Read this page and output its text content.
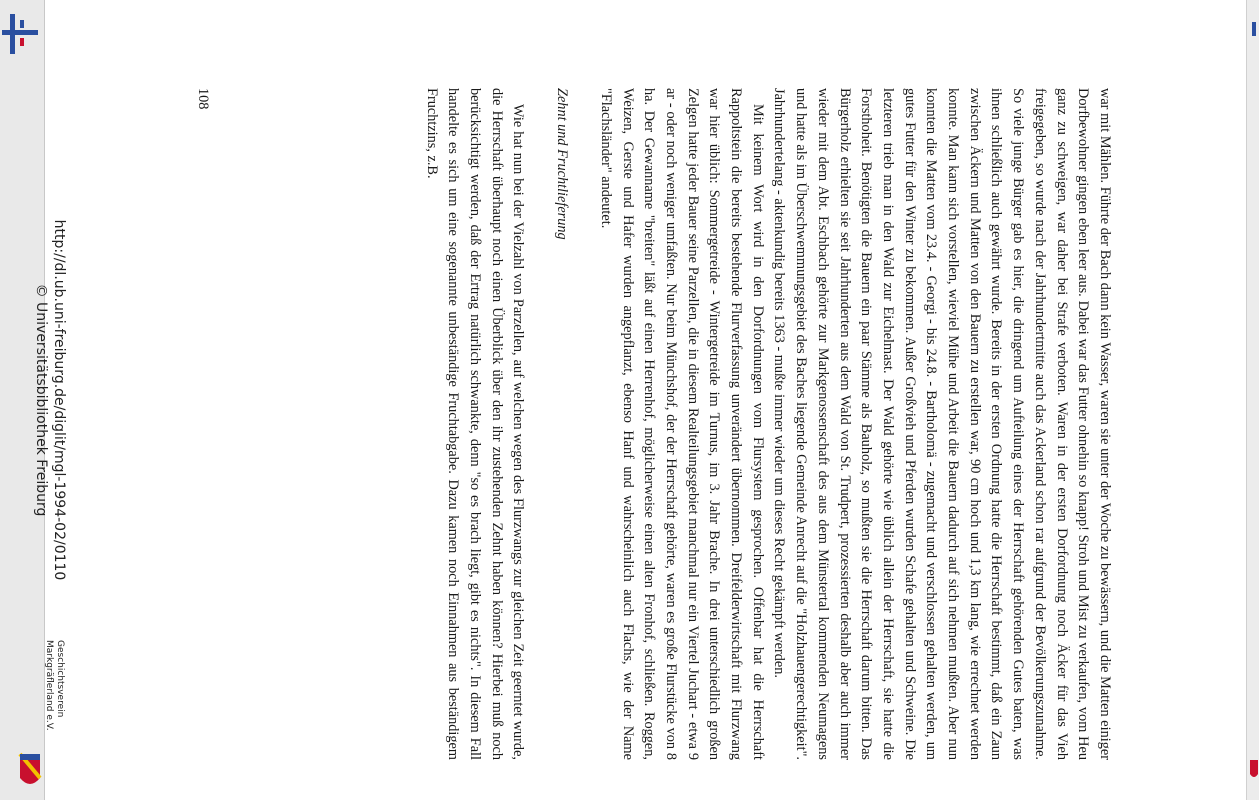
war mit Mählen. Führte der Bach dann kein Wasser, waren sie unter der Woche zu bewässern, und die Matten einiger Dorfbewohner gingen eben leer aus. Dabei war das Futter ohnehin so knapp! Stroh und Mist zu verkaufen, vom Heu ganz zu schweigen, war daher bei Strafe verboten. Waren in der ersten Dorfordnung noch Äcker für das Vieh freigegeben, so wurde nach der Jahrhundertmitte auch das Ackerland schon rar aufgrund der Bevölkerungszunahme. So viele junge Bürger gab es hier, die dringend um Aufteilung eines der Herrschaft gehörenden Gutes baten, was ihnen schließlich auch gewährt wurde. Bereits in der ersten Ordnung hatte die Herrschaft bestimmt, daß ein Zaun zwischen Äckern und Matten von den Bauern zu erstellen war, 90 cm hoch und 1,3 km lang, wie errechnet werden konnte. Man kann sich vorstellen, wieviel Mühe und Arbeit die Bauern dadurch auf sich nehmen mußten. Aber nun konnten die Matten vom 23.4. - Georgi - bis 24.8. - Bartholomä - zugemacht und verschlossen gehalten werden, um gutes Futter für den Winter zu bekommen. Außer Großvieh und Pferden wurden Schafe gehalten und Schweine. Die letzteren trieb man in den Wald zur Eichelmast. Der Wald gehörte wie üblich allein der Herrschaft, sie hatte die Forsthoheit. Benötigten die Bauern ein paar Stämme als Bauholz, so mußten sie die Herrschaft darum bitten. Das Bürgerholz erhielten sie seit Jahrhunderten aus dem Wald von St. Trudpert, prozessierten deshalb aber auch immer wieder mit dem Abt. Eschbach gehörte zur Markgenossenschaft des aus dem Münstertal kommenden Neumagens und hatte als im Überschwemmungsgebiet des Baches liegende Gemeinde Anrecht auf die "Holzhauengerechtigkeit". Jahrhundertelang - aktenkundig bereits 1363 - mußte immer wieder um dieses Recht gekämpft werden.

Mit keinem Wort wird in den Dorfordnungen vom Flursystem gesprochen. Offenbar hat die Herrschaft Rappoltstein die bereits bestehende Flurverfassung unverändert übernommen. Dreifelderwirtschaft mit Flurzwang war hier üblich: Sommergetreide - Wintergetreide im Turnus, im 3. Jahr Brache. In drei unterschiedlich großen Zelgen hatte jeder Bauer seine Parzellen, die in diesem Realteilungsgebiet manchmal nur ein Viertel Juchart - etwa 9 ar - oder noch weniger umfaßten. Nur beim Münchshof, der der Herrschaft gehörte, waren es große Flurstücke von 8 ha. Der Gewanname "breiten" läßt auf einen Herrenhof, möglicherweise einen alten Fronhof, schließen. Roggen, Weizen, Gerste und Hafer wurden angepflanzt, ebenso Hanf und wahrscheinlich auch Flachs, wie der Name "Flachsländer" andeutet.

Zehnt und Fruchtlieferung

Wie hat nun bei der Vielzahl von Parzellen, auf welchen wegen des Flurzwangs zur gleichen Zeit geerntet wurde, die Herrschaft überhaupt noch einen Überblick über den ihr zustehenden Zehnt haben können? Hierbei muß noch berücksichtigt werden, daß der Ertrag natürlich schwankte, denn "so es brach liegt, gibt es nichts". In diesem Fall handelte es sich um eine sogenannte unbeständige Fruchtabgabe. Dazu kamen noch Einnahmen aus beständigem Fruchtzins, z.B.

108
http://dl.ub.uni-freiburg.de/diglit/mgl-1994-02/0110
© Universitätsbibliothek Freiburg
Geschichtsverein
Markgräflerland e.V.
